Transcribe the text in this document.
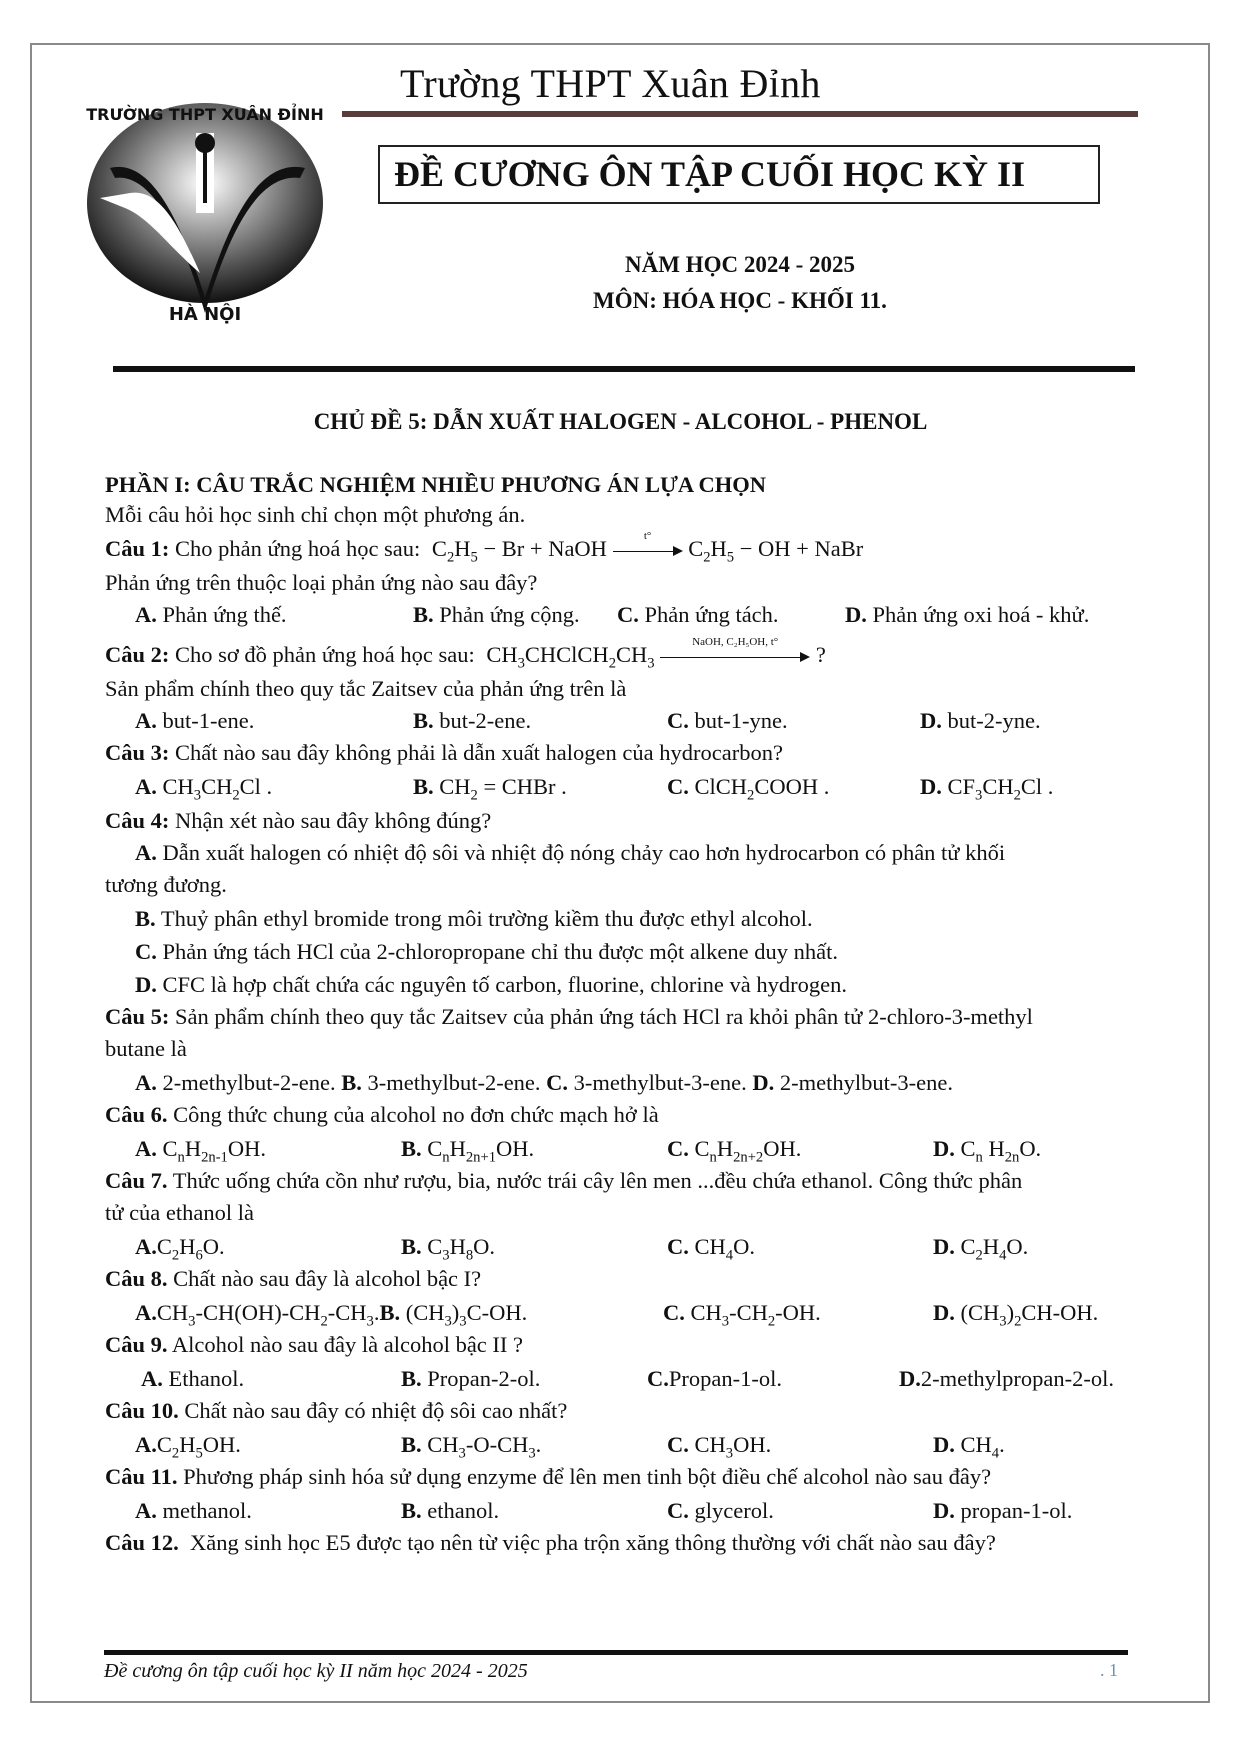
TRƯỜNG THPT XUÂN ĐỈNH
HÀ NỘI
Trường THPT Xuân Đỉnh
ĐỀ CƯƠNG ÔN TẬP CUỐI HỌC KỲ II
NĂM HỌC 2024 - 2025
MÔN: HÓA HỌC - KHỐI 11.
CHỦ ĐỀ 5: DẪN XUẤT HALOGEN - ALCOHOL - PHENOL
PHẦN I: CÂU TRẮC NGHIỆM NHIỀU PHƯƠNG ÁN LỰA CHỌN
Mỗi câu hỏi học sinh chỉ chọn một phương án.
Câu 1: Cho phản ứng hoá học sau: $C_2H_5 - Br$ + NaOH
t°
$C_2H_5$ − OH + NaBr
Phản ứng trên thuộc loại phản ứng nào sau đây?
A. Phản ứng thế.	B. Phản ứng cộng. C. Phản ứng tách.	D. Phản ứng oxi hoá - khử.
Câu 2: Cho sơ đồ phản ứng hoá học sau: $CH_3CHClCH_2CH_3$
NaOH, C₂H₅OH, t°
?
Sản phẩm chính theo quy tắc Zaitsev của phản ứng trên là
A. but-1-ene.	B. but-2-ene.	C. but-1-yne.	D. but-2-yne.
Câu 3: Chất nào sau đây không phải là dẫn xuất halogen của hydrocarbon?
A. $CH_3CH_2Cl$ .	B. $CH_2$ = CHBr .	C. ClCH$_2$COOH .	D. $CF_3CH_2Cl$ .
Câu 4: Nhận xét nào sau đây không đúng?
A. Dẫn xuất halogen có nhiệt độ sôi và nhiệt độ nóng chảy cao hơn hydrocarbon có phân tử khối
tương đương.
B. Thuỷ phân ethyl bromide trong môi trường kiềm thu được ethyl alcohol.
C. Phản ứng tách HCl của 2-chloropropane chỉ thu được một alkene duy nhất.
D. CFC là hợp chất chứa các nguyên tố carbon, fluorine, chlorine và hydrogen.
Câu 5: Sản phẩm chính theo quy tắc Zaitsev của phản ứng tách HCl ra khỏi phân tử 2-chloro-3-methyl
butane là
A. 2-methylbut-2-ene. B. 3-methylbut-2-ene. C. 3-methylbut-3-ene. D. 2-methylbut-3-ene.
Câu 6. Công thức chung của alcohol no đơn chức mạch hở là
A. $C_nH_{2n-1}OH$.	B. $C_nH_{2n+1}OH$.	C. $C_nH_{2n+2}OH$.	D. $C_n$ $H_{2n}O$.
Câu 7. Thức uống chứa cồn như rượu, bia, nước trái cây lên men ...đều chứa ethanol. Công thức phân
tử của ethanol là
$A.C_2H_6O$.	B. $C_3H_8O$.	C. $CH_4O$.	D. $C_2H_4O$.
Câu 8. Chất nào sau đây là alcohol bậc I?
$A.CH_3-CH(OH)-CH_2-CH_3.B$. $(CH_3)_3C-OH$.	C. $CH_3-CH_2-OH$.	D. $(CH_3)_2CH-OH$.
Câu 9. Alcohol nào sau đây là alcohol bậc II ?
A. Ethanol.	B. Propan-2-ol.	C.Propan-1-ol.	D.2-methylpropan-2-ol.
Câu 10. Chất nào sau đây có nhiệt độ sôi cao nhất?
$A.C_2H_5OH$.	B. $CH_3-O-CH_3$.	C. $CH_3OH$.	D. $CH_4$.
Câu 11. Phương pháp sinh hóa sử dụng enzyme để lên men tinh bột điều chế alcohol nào sau đây?
A. methanol.	B. ethanol.	C. glycerol.	D. propan-1-ol.
Câu 12. Xăng sinh học E5 được tạo nên từ việc pha trộn xăng thông thường với chất nào sau đây?
Đề cương ôn tập cuối học kỳ II năm học 2024 - 2025	. 1
